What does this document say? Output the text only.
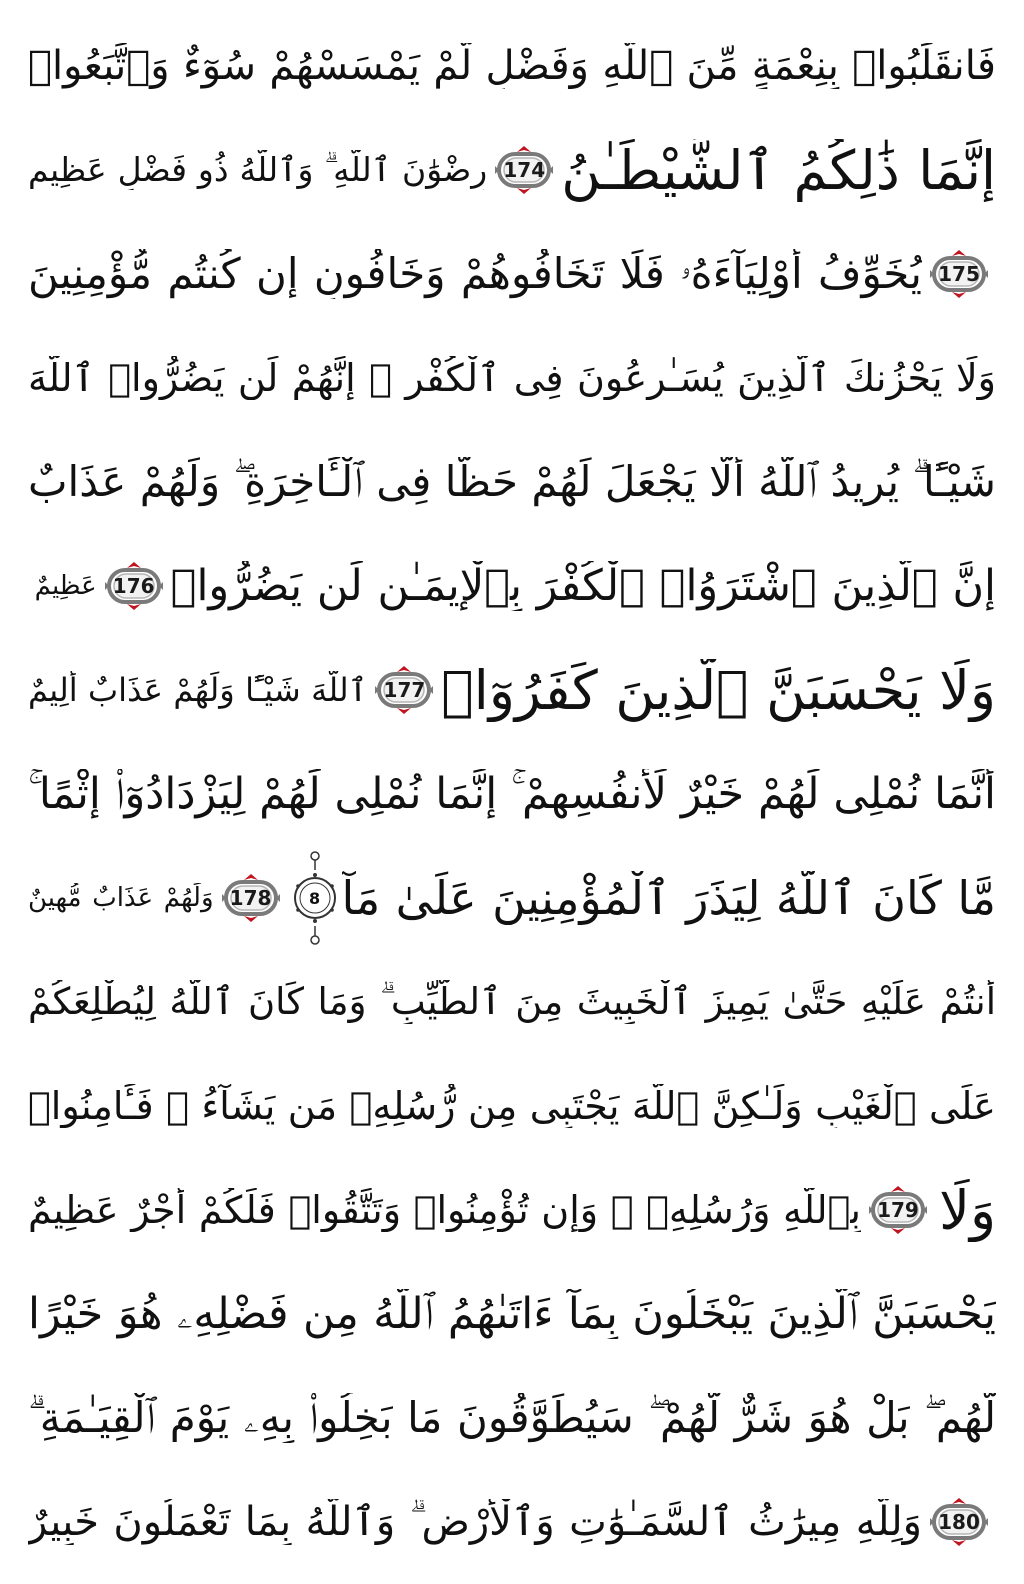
فَانقَلَبُوا۟ بِنِعْمَةٍ مِّنَ ٱللَّهِ وَفَضْلٍ لَّمْ يَمْسَسْهُمْ سُوٓءٌ وَٱتَّبَعُوا۟
رِضْوَٰنَ ٱللَّهِ ۗ وَٱللَّهُ ذُو فَضْلٍ عَظِيمٍ 174 إِنَّمَا ذَٰلِكُمُ ٱلشَّيْطَـٰنُ
يُخَوِّفُ أَوْلِيَآءَهُۥ فَلَا تَخَافُوهُمْ وَخَافُونِ إِن كُنتُم مُّؤْمِنِينَ 175
وَلَا يَحْزُنكَ ٱلَّذِينَ يُسَـٰرِعُونَ فِى ٱلْكُفْرِ ۚ إِنَّهُمْ لَن يَضُرُّوا۟ ٱللَّهَ
شَيْـًٔا ۗ يُرِيدُ ٱللَّهُ أَلَّا يَجْعَلَ لَهُمْ حَظًّا فِى ٱلْـَٔاخِرَةِ ۖ وَلَهُمْ عَذَابٌ
عَظِيمٌ 176 إِنَّ ٱلَّذِينَ ٱشْتَرَوُا۟ ٱلْكُفْرَ بِٱلْإِيمَـٰنِ لَن يَضُرُّوا۟
ٱللَّهَ شَيْـًٔا وَلَهُمْ عَذَابٌ أَلِيمٌ 177 وَلَا يَحْسَبَنَّ ٱلَّذِينَ كَفَرُوٓا۟
أَنَّمَا نُمْلِى لَهُمْ خَيْرٌ لِّأَنفُسِهِمْ ۚ إِنَّمَا نُمْلِى لَهُمْ لِيَزْدَادُوٓا۟ إِثْمًا ۚ
وَلَهُمْ عَذَابٌ مُّهِينٌ 178 8 مَّا كَانَ ٱللَّهُ لِيَذَرَ ٱلْمُؤْمِنِينَ عَلَىٰ مَآ
أَنتُمْ عَلَيْهِ حَتَّىٰ يَمِيزَ ٱلْخَبِيثَ مِنَ ٱلطَّيِّبِ ۗ وَمَا كَانَ ٱللَّهُ لِيُطْلِعَكُمْ
عَلَى ٱلْغَيْبِ وَلَـٰكِنَّ ٱللَّهَ يَجْتَبِى مِن رُّسُلِهِۦ مَن يَشَآءُ ۖ فَـَٔامِنُوا۟
بِٱللَّهِ وَرُسُلِهِۦ ۚ وَإِن تُؤْمِنُوا۟ وَتَتَّقُوا۟ فَلَكُمْ أَجْرٌ عَظِيمٌ 179 وَلَا
يَحْسَبَنَّ ٱلَّذِينَ يَبْخَلُونَ بِمَآ ءَاتَىٰهُمُ ٱللَّهُ مِن فَضْلِهِۦ هُوَ خَيْرًا
لَّهُم ۖ بَلْ هُوَ شَرٌّ لَّهُمْ ۖ سَيُطَوَّقُونَ مَا بَخِلُوا۟ بِهِۦ يَوْمَ ٱلْقِيَـٰمَةِ ۗ
وَلِلَّهِ مِيرَٰثُ ٱلسَّمَـٰوَٰتِ وَٱلْأَرْضِ ۗ وَٱللَّهُ بِمَا تَعْمَلُونَ خَبِيرٌ 180
